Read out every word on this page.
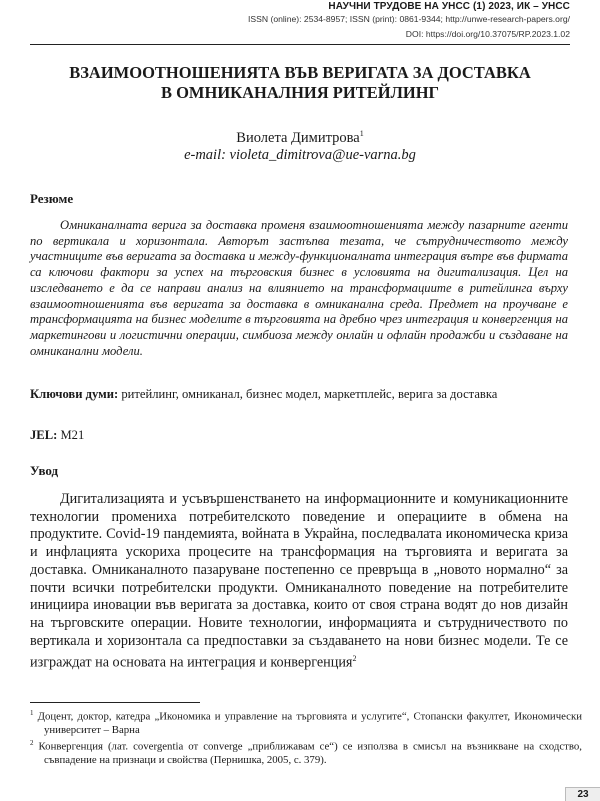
НАУЧНИ ТРУДОВЕ НА УНСС (1) 2023, ИК – УНСС
ISSN (online): 2534-8957; ISSN (print): 0861-9344; http://unwe-research-papers.org/
DOI: https://doi.org/10.37075/RP.2023.1.02
ВЗАИМООТНОШЕНИЯТА ВЪВ ВЕРИГАТА ЗА ДОСТАВКА
В ОМНИКАНАЛНИЯ РИТЕЙЛИНГ
Виолета Димитрова$^1$
e-mail: violeta_dimitrova@ue-varna.bg
Резюме

Омниканалната верига за доставка променя взаимоотношенията между пазарните агенти по вертикала и хоризонтала. Авторът застъпва тезата, че сътрудничеството между участниците във веригата за доставка и между-функционалната интеграция вътре във фирмата са ключови фактори за успех на търговския бизнес в условията на дигитализация. Цел на изследването е да се направи анализ на влиянието на трансформациите в ритейлинга върху взаимоотношенията във веригата за доставка в омниканална среда. Предмет на проучване е трансформацията на бизнес моделите в търговията на дребно чрез интеграция и конвергенция на маркетингови и логистични операции, симбиоза между онлайн и офлайн продажби и създаване на омниканални модели.

Ключови думи: ритейлинг, омниканал, бизнес модел, маркетплейс, верига за доставка

JEL: M21
Увод

Дигитализацията и усъвършенстването на информационните и комуникационните технологии промениха потребителското поведение и операциите в обмена на продуктите. Covid-19 пандемията, войната в Украйна, последвалата икономическа криза и инфлацията ускориха процесите на трансформация на търговията и веригата за доставка. Омниканалното пазаруване постепенно се превръща в „новото нормално“ за почти всички потребителски продукти. Омниканалното поведение на потребителите инициира иновации във веригата за доставка, които от своя страна водят до нов дизайн на търговските операции. Новите технологии, информацията и сътрудничеството по вертикала и хоризонтала са предпоставки за създаването на нови бизнес модели. Те се изграждат на основата на интеграция и конвергенция$^2$

$^1$ Доцент, доктор, катедра „Икономика и управление на търговията и услугите“, Стопански факултет, Икономически университет – Варна

$^2$ Конвергенция (лат. covergentia от converge „приближавам се“) се използва в смисъл на възникване на сходство, съвпадение на признаци и свойства (Пернишка, 2005, с. 379).

23
